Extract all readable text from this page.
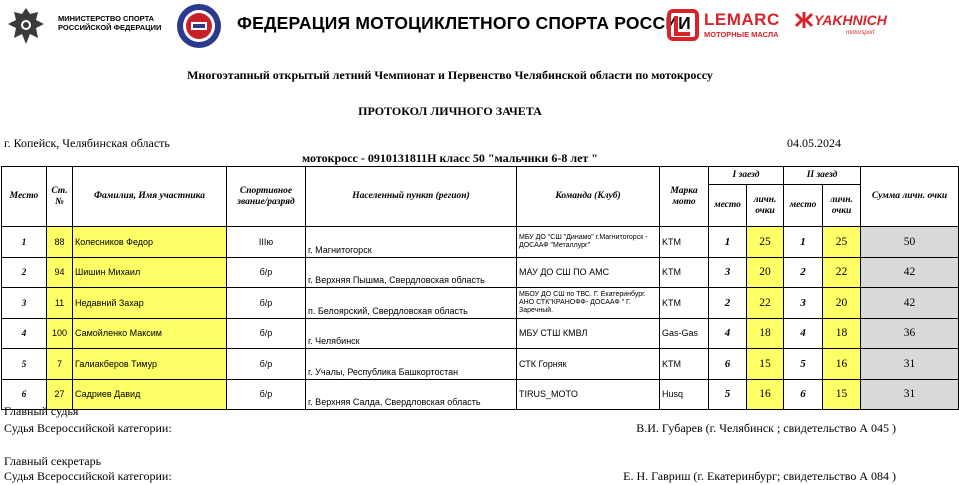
МИНИСТЕРСТВО СПОРТА
РОССИЙСКОЙ ФЕДЕРАЦИИ	ФЕДЕРАЦИЯ МОТОЦИКЛЕТНОГО СПОРТА РОССИИ LEMARC
МОТОРНЫЕ МАСЛА
YAKHNICH
motorsport
Многоэтапный открытый летний Чемпионат и Первенство Челябинской области по мотокроссу
ПРОТОКОЛ ЛИЧНОГО ЗАЧЕТА
г. Копейск, Челябинская область	04.05.2024
мотокросс - 0910131811Н класс 50 "мальчики 6-8 лет "
Место	Ст. №	Фамилия, Имя участника	Спортивное звание/разряд	Населенный пункт (регион)	Команда (Клуб)	Марка мото	I заезд		II заезд		Сумма личн. очки
							место	личн. очки	место	личн. очки	
1	88	Колесников Федор	IIIю	г. Магнитогорск	МБУ ДО "СШ "Динамо" г.Магнитогорск - ДОСААФ "Металлург"	KTM	1	25	1	25	50
2	94	Шишин Михаил	б/р	г. Верхняя Пышма, Свердловская область	МАУ ДО СШ ПО АМС	KTM	3	20	2	22	42
3	11	Недавний Захар	б/р	п. Белоярский, Свердловская область	МБОУ ДО СШ по ТВС. Г. Екатеринбург. АНО СТК"КРАНОФФ- ДОСААФ " Г. Заречный.	KTM	2	22	3	20	42
4	100	Самойленко Максим	б/р	г. Челябинск	МБУ СТШ КМВЛ	Gas-Gas	4	18	4	18	36
5	7	Галиакберов Тимур	б/р	г. Учалы, Республика Башкортостан	СТК Горняк	KTM	6	15	5	16	31
6	27	Садриев Давид	б/р	г. Верхняя Салда, Свердловская область	TIRUS_MOTO	Husq	5	16	6	15	31
Главный судья
Судья Всероссийской категории:	В.И. Губарев (г. Челябинск ; свидетельство А 045 )
Главный секретарь
Судья Всероссийской категории:	Е. Н. Гавриш (г. Екатеринбург; свидетельство А 084 )
